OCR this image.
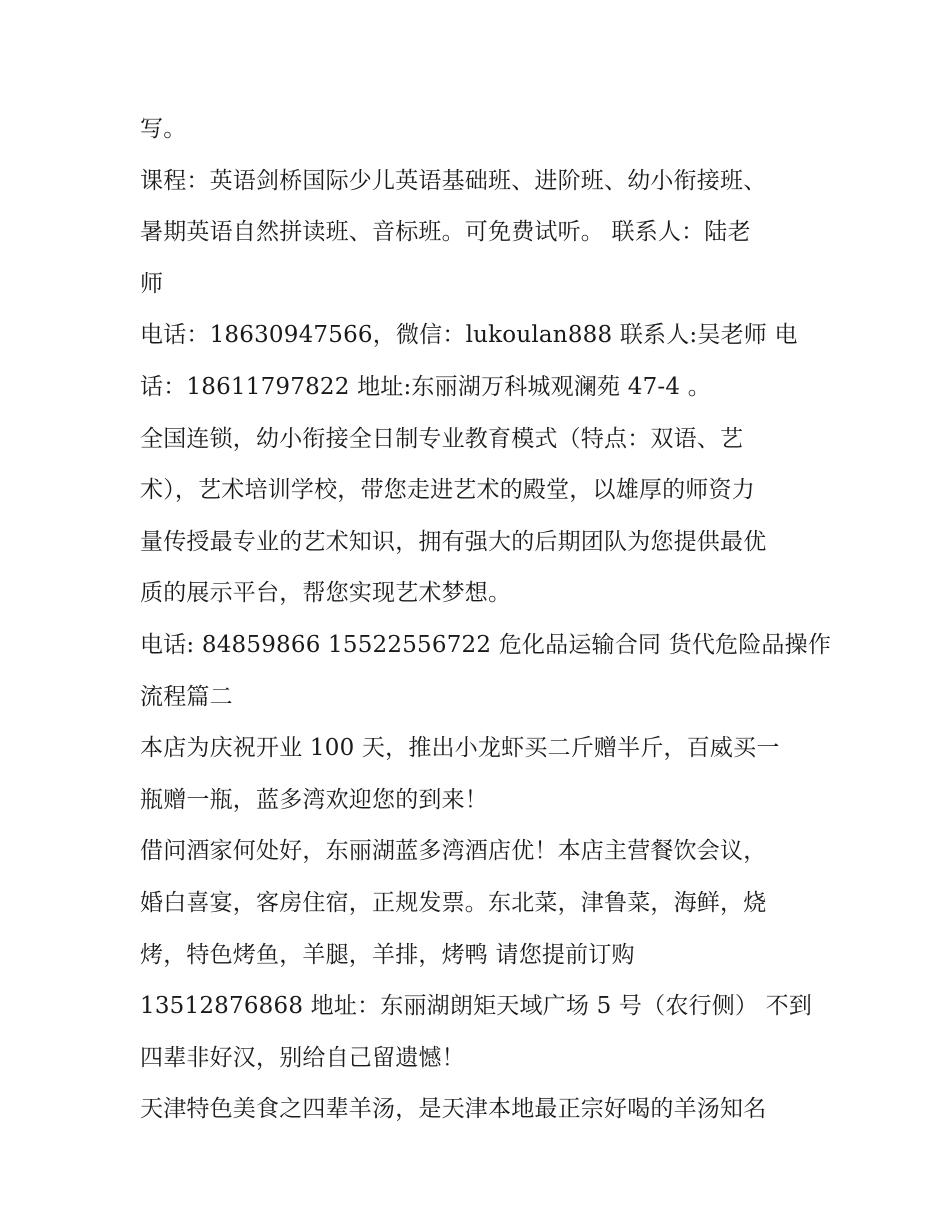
写。
课程：英语剑桥国际少儿英语基础班、进阶班、幼小衔接班、
暑期英语自然拼读班、音标班。可免费试听。 联系人：陆老
师
电话：18630947566，微信：lukoulan888 联系人:吴老师 电
话：18611797822 地址:东丽湖万科城观澜苑 47-4 。
全国连锁，幼小衔接全日制专业教育模式（特点：双语、艺
术），艺术培训学校，带您走进艺术的殿堂，以雄厚的师资力
量传授最专业的艺术知识，拥有强大的后期团队为您提供最优
质的展示平台，帮您实现艺术梦想。
电话: 84859866 15522556722 危化品运输合同 货代危险品操作
流程篇二
本店为庆祝开业 100 天，推出小龙虾买二斤赠半斤，百威买一
瓶赠一瓶，蓝多湾欢迎您的到来！
借问酒家何处好，东丽湖蓝多湾酒店优！本店主营餐饮会议，
婚白喜宴，客房住宿，正规发票。东北菜，津鲁菜，海鲜，烧
烤，特色烤鱼，羊腿，羊排，烤鸭 请您提前订购
13512876868 地址：东丽湖朗矩天域广场 5 号（农行侧） 不到
四辈非好汉，别给自己留遗憾！
天津特色美食之四辈羊汤，是天津本地最正宗好喝的羊汤知名
